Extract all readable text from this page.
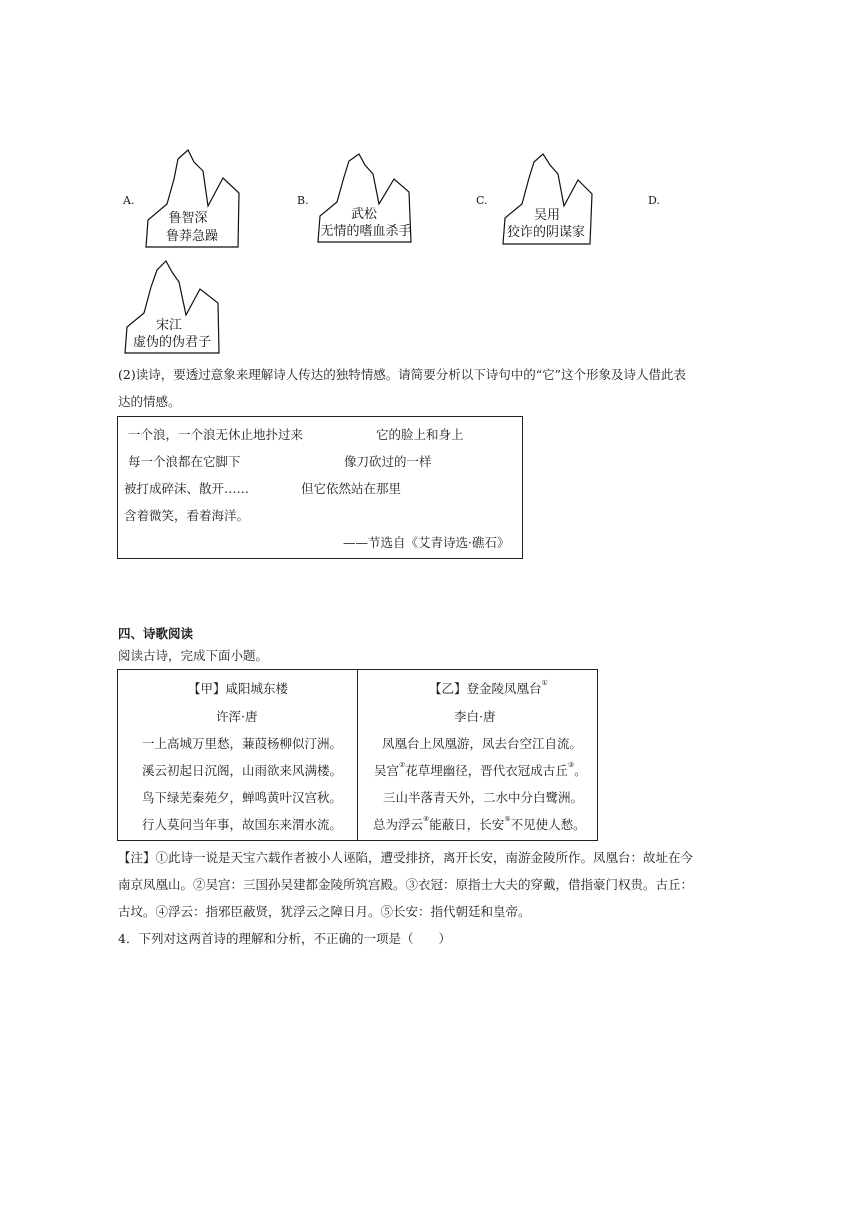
A.
鲁智深
鲁莽急躁
B.
武松
无情的嗜血杀手
C.
吴用
狡诈的阴谋家
D.
宋江
虚伪的伪君子
(2)读诗，要透过意象来理解诗人传达的独特情感。请简要分析以下诗句中的“它”这个形象及诗人借此表
达的情感。
一个浪，一个浪无休止地扑过来
每一个浪都在它脚下
被打成碎沫、散开……
含着微笑，看着海洋。
它的脸上和身上
像刀砍过的一样
但它依然站在那里
——节选自《艾青诗选·礁石》
四、诗歌阅读
阅读古诗，完成下面小题。
【甲】咸阳城东楼
许浑·唐
一上高城万里愁，蒹葭杨柳似汀洲。
溪云初起日沉阁，山雨欲来风满楼。
鸟下绿芜秦苑夕，蝉鸣黄叶汉宫秋。
行人莫问当年事，故国东来渭水流。
【乙】登金陵凤凰台①
李白·唐
凤凰台上凤凰游，凤去台空江自流。
吴宫②花草埋幽径，晋代衣冠成古丘③。
三山半落青天外，二水中分白鹭洲。
总为浮云④能蔽日，长安⑤不见使人愁。
【注】①此诗一说是天宝六载作者被小人诬陷，遭受排挤，离开长安，南游金陵所作。凤凰台：故址在今
南京凤凰山。②吴宫：三国孙吴建都金陵所筑宫殿。③衣冠：原指士大夫的穿戴，借指豪门权贵。古丘：
古坟。④浮云：指邪臣蔽贤，犹浮云之障日月。⑤长安：指代朝廷和皇帝。
4．下列对这两首诗的理解和分析，不正确的一项是（　　）
